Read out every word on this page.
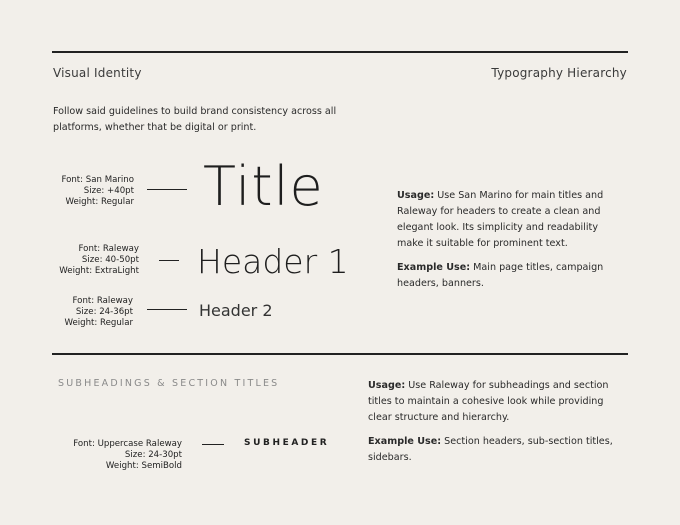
Visual Identity	Typography Hierarchy
Follow said guidelines to build brand consistency across all platforms, whether that be digital or print.
Font: San Marino
Size: +40pt
Weight: Regular Title
Font: Raleway
Size: 40-50pt
Weight: ExtraLight Header 1
Font: Raleway
Size: 24-36pt
Weight: Regular
Header 2

Usage: Use San Marino for main titles and Raleway for headers to create a clean and elegant look. Its simplicity and readability make it suitable for prominent text.

Example Use: Main page titles, campaign headers, banners.

SUBHEADINGS & SECTION TITLES
Font: Uppercase Raleway
Size: 24-30pt
Weight: SemiBold
SUBHEADER

Usage: Use Raleway for subheadings and section titles to maintain a cohesive look while providing clear structure and hierarchy.

Example Use: Section headers, sub-section titles, sidebars.
